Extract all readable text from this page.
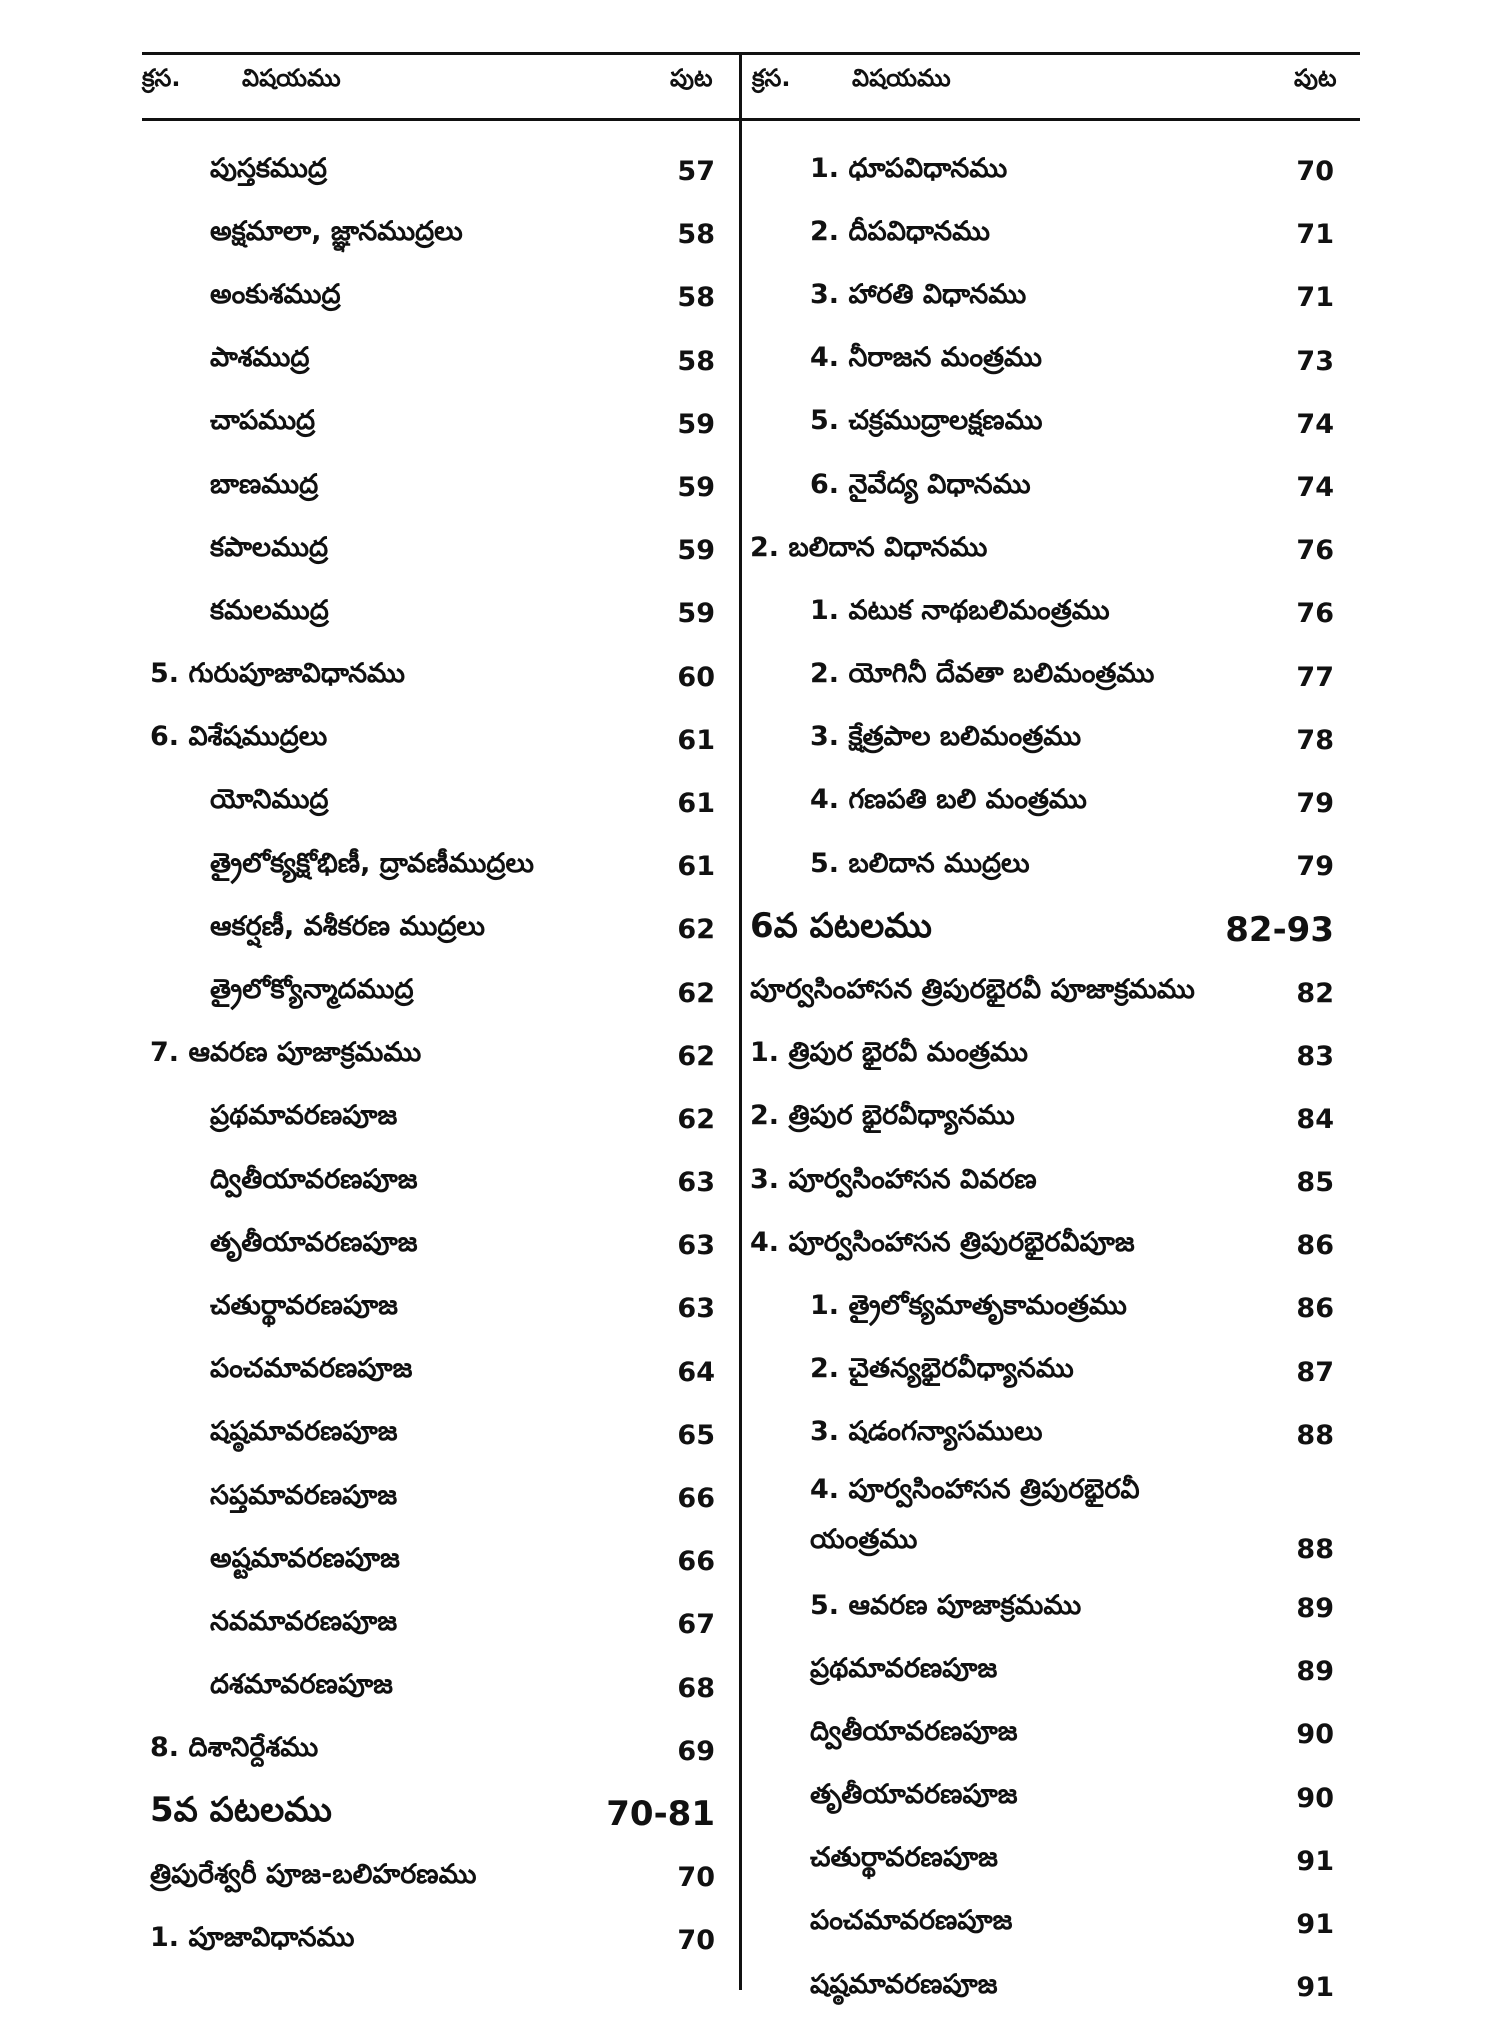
క్రస.	విషయము	పుట
పుస్తకముద్ర	57
అక్షమాలా, జ్ఞానముద్రలు	58
అంకుశముద్ర	58
పాశముద్ర	58
చాపముద్ర	59
బాణముద్ర	59
కపాలముద్ర	59
కమలముద్ర	59
5. గురుపూజావిధానము	60
6. విశేషముద్రలు	61
యోనిముద్ర	61
త్రైలోక్యక్షోభిణీ, ద్రావణీముద్రలు	61
ఆకర్షణీ, వశీకరణ ముద్రలు	62
త్రైలోక్యోన్మాదముద్ర	62
7. ఆవరణ పూజాక్రమము	62
ప్రథమావరణపూజ	62
ద్వితీయావరణపూజ	63
తృతీయావరణపూజ	63
చతుర్థావరణపూజ	63
పంచమావరణపూజ	64
షష్ఠమావరణపూజ	65
సప్తమావరణపూజ	66
అష్టమావరణపూజ	66
నవమావరణపూజ	67
దశమావరణపూజ	68
8. దిశానిర్దేశము	69
5వ పటలము	70-81
త్రిపురేశ్వరీ పూజ-బలిహరణము	70
1. పూజావిధానము	70
క్రస.	విషయము	పుట
1. ధూపవిధానము	70
2. దీపవిధానము	71
3. హారతి విధానము	71
4. నీరాజన మంత్రము	73
5. చక్రముద్రాలక్షణము	74
6. నైవేద్య విధానము	74
2. బలిదాన విధానము	76
1. వటుక నాథబలిమంత్రము	76
2. యోగినీ దేవతా బలిమంత్రము	77
3. క్షేత్రపాల బలిమంత్రము	78
4. గణపతి బలి మంత్రము	79
5. బలిదాన ముద్రలు	79
6వ పటలము	82-93
పూర్వసింహాసన త్రిపురభైరవీ పూజాక్రమము	82
1. త్రిపుర భైరవీ మంత్రము	83
2. త్రిపుర భైరవీధ్యానము	84
3. పూర్వసింహాసన వివరణ	85
4. పూర్వసింహాసన త్రిపురభైరవీపూజ	86
1. త్రైలోక్యమాతృకామంత్రము	86
2. చైతన్యభైరవీధ్యానము	87
3. షడంగన్యాసములు	88
4. పూర్వసింహాసన త్రిపురభైరవీ యంత్రము	88
5. ఆవరణ పూజాక్రమము	89
ప్రథమావరణపూజ	89
ద్వితీయావరణపూజ	90
తృతీయావరణపూజ	90
చతుర్థావరణపూజ	91
పంచమావరణపూజ	91
షష్ఠమావరణపూజ	91
